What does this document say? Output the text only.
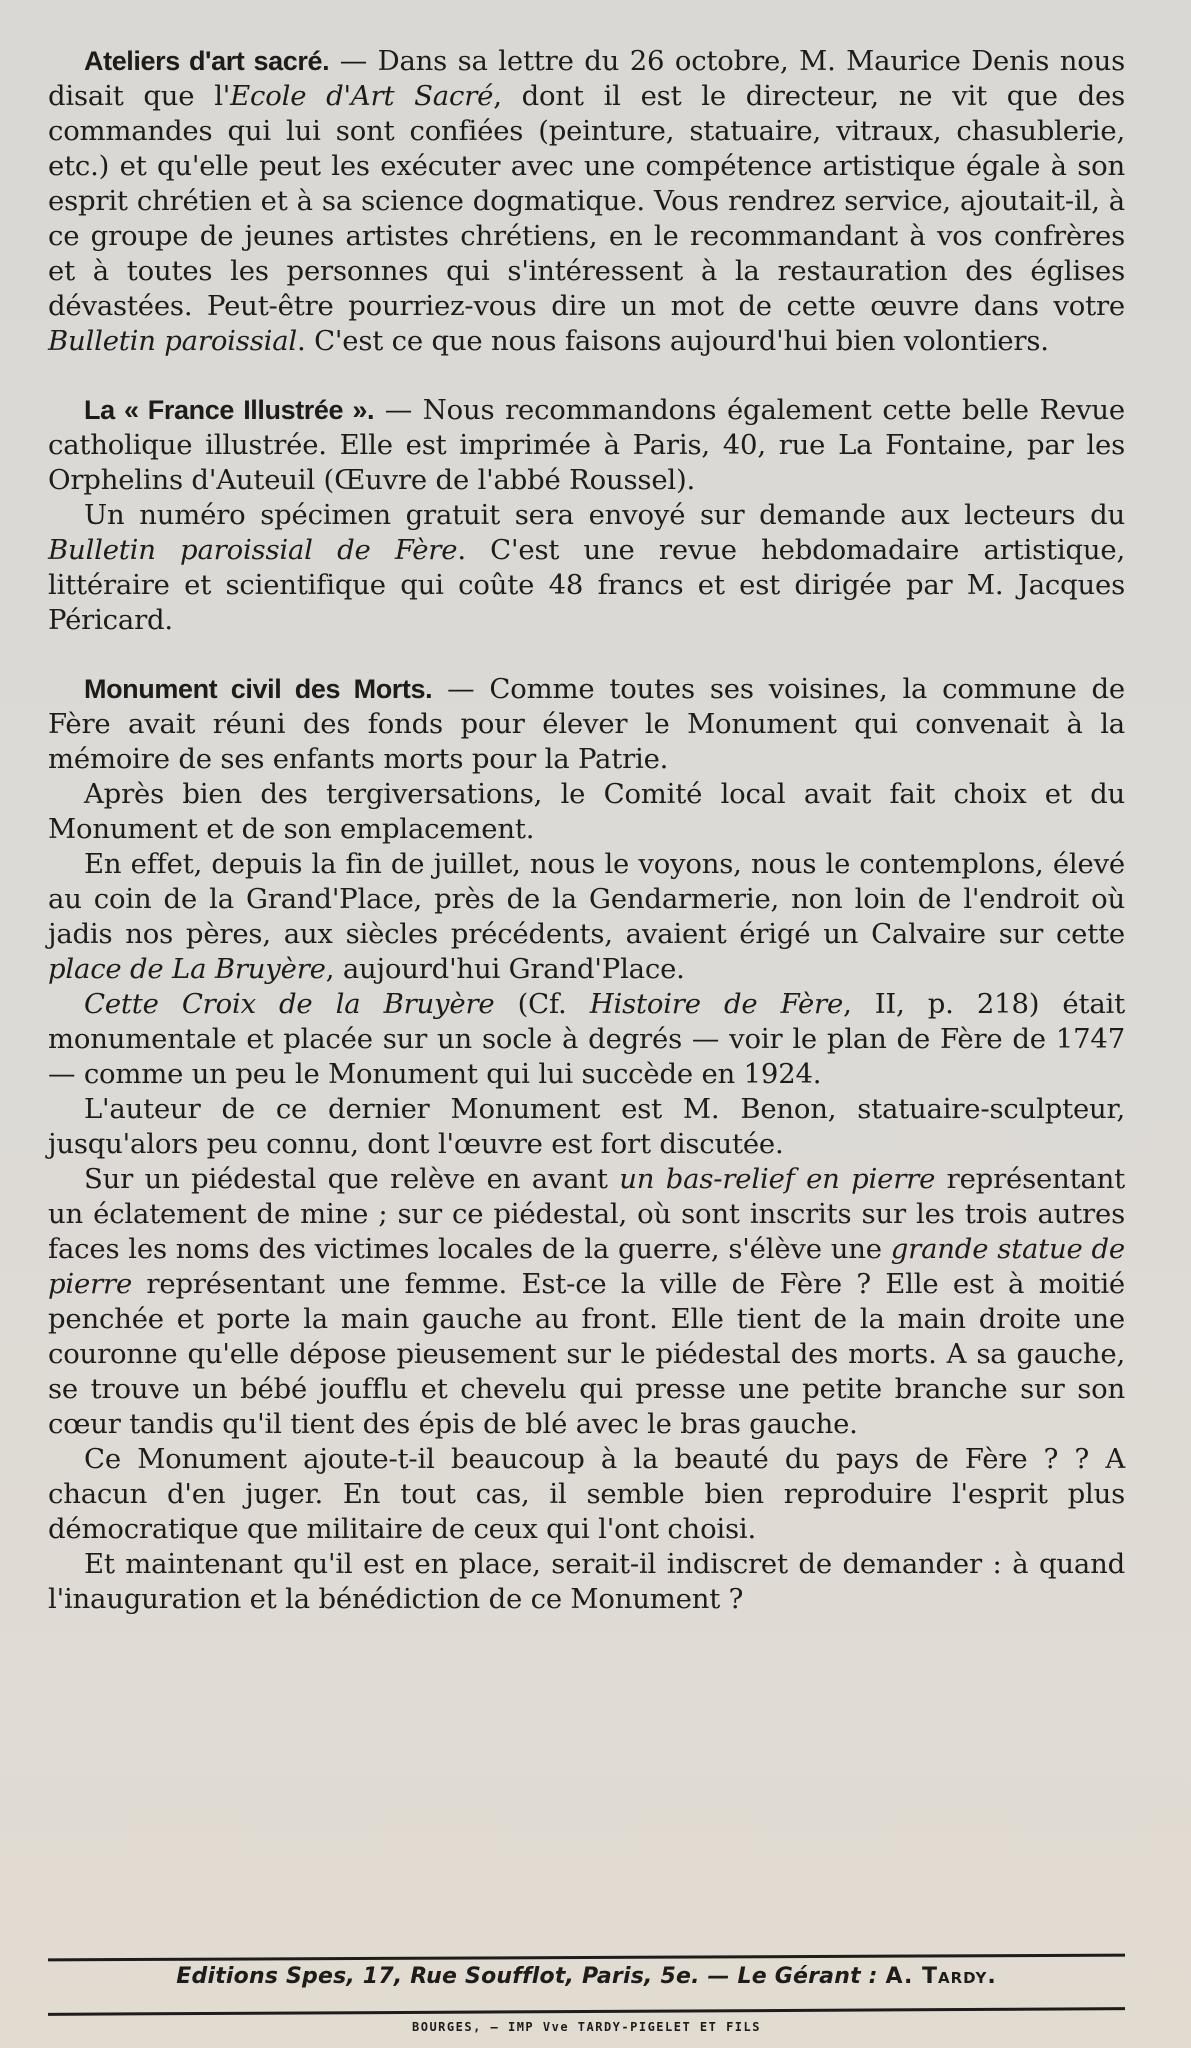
Ateliers d'art sacré. — Dans sa lettre du 26 octobre, M. Maurice Denis nous disait que l'Ecole d'Art Sacré, dont il est le directeur, ne vit que des commandes qui lui sont confiées (peinture, statuaire, vitraux, chasublerie, etc.) et qu'elle peut les exécuter avec une compétence artistique égale à son esprit chrétien et à sa science dogmatique. Vous rendrez service, ajoutait-il, à ce groupe de jeunes artistes chrétiens, en le recommandant à vos confrères et à toutes les personnes qui s'intéressent à la restauration des églises dévastées. Peut-être pourriez-vous dire un mot de cette œuvre dans votre Bulletin paroissial. C'est ce que nous faisons aujourd'hui bien volontiers.

La « France Illustrée ». — Nous recommandons également cette belle Revue catholique illustrée. Elle est imprimée à Paris, 40, rue La Fontaine, par les Orphelins d'Auteuil (Œuvre de l'abbé Roussel).

Un numéro spécimen gratuit sera envoyé sur demande aux lecteurs du Bulletin paroissial de Fère. C'est une revue hebdomadaire artistique, littéraire et scientifique qui coûte 48 francs et est dirigée par M. Jacques Péricard.

Monument civil des Morts. — Comme toutes ses voisines, la commune de Fère avait réuni des fonds pour élever le Monument qui convenait à la mémoire de ses enfants morts pour la Patrie.

Après bien des tergiversations, le Comité local avait fait choix et du Monument et de son emplacement.

En effet, depuis la fin de juillet, nous le voyons, nous le contemplons, élevé au coin de la Grand'Place, près de la Gendarmerie, non loin de l'endroit où jadis nos pères, aux siècles précédents, avaient érigé un Calvaire sur cette place de La Bruyère, aujourd'hui Grand'Place.

Cette Croix de la Bruyère (Cf. Histoire de Fère, II, p. 218) était monumentale et placée sur un socle à degrés — voir le plan de Fère de 1747 — comme un peu le Monument qui lui succède en 1924.

L'auteur de ce dernier Monument est M. Benon, statuaire-sculpteur, jusqu'alors peu connu, dont l'œuvre est fort discutée.

Sur un piédestal que relève en avant un bas-relief en pierre représentant un éclatement de mine ; sur ce piédestal, où sont inscrits sur les trois autres faces les noms des victimes locales de la guerre, s'élève une grande statue de pierre représentant une femme. Est-ce la ville de Fère ? Elle est à moitié penchée et porte la main gauche au front. Elle tient de la main droite une couronne qu'elle dépose pieusement sur le piédestal des morts. A sa gauche, se trouve un bébé joufflu et chevelu qui presse une petite branche sur son cœur tandis qu'il tient des épis de blé avec le bras gauche.

Ce Monument ajoute-t-il beaucoup à la beauté du pays de Fère ? ? A chacun d'en juger. En tout cas, il semble bien reproduire l'esprit plus démocratique que militaire de ceux qui l'ont choisi.

Et maintenant qu'il est en place, serait-il indiscret de demander : à quand l'inauguration et la bénédiction de ce Monument ?

Editions Spes, 17, Rue Soufflot, Paris, 5e. — Le Gérant : A. Tardy.
BOURGES, — IMP Vve TARDY-PIGELET ET FILS
